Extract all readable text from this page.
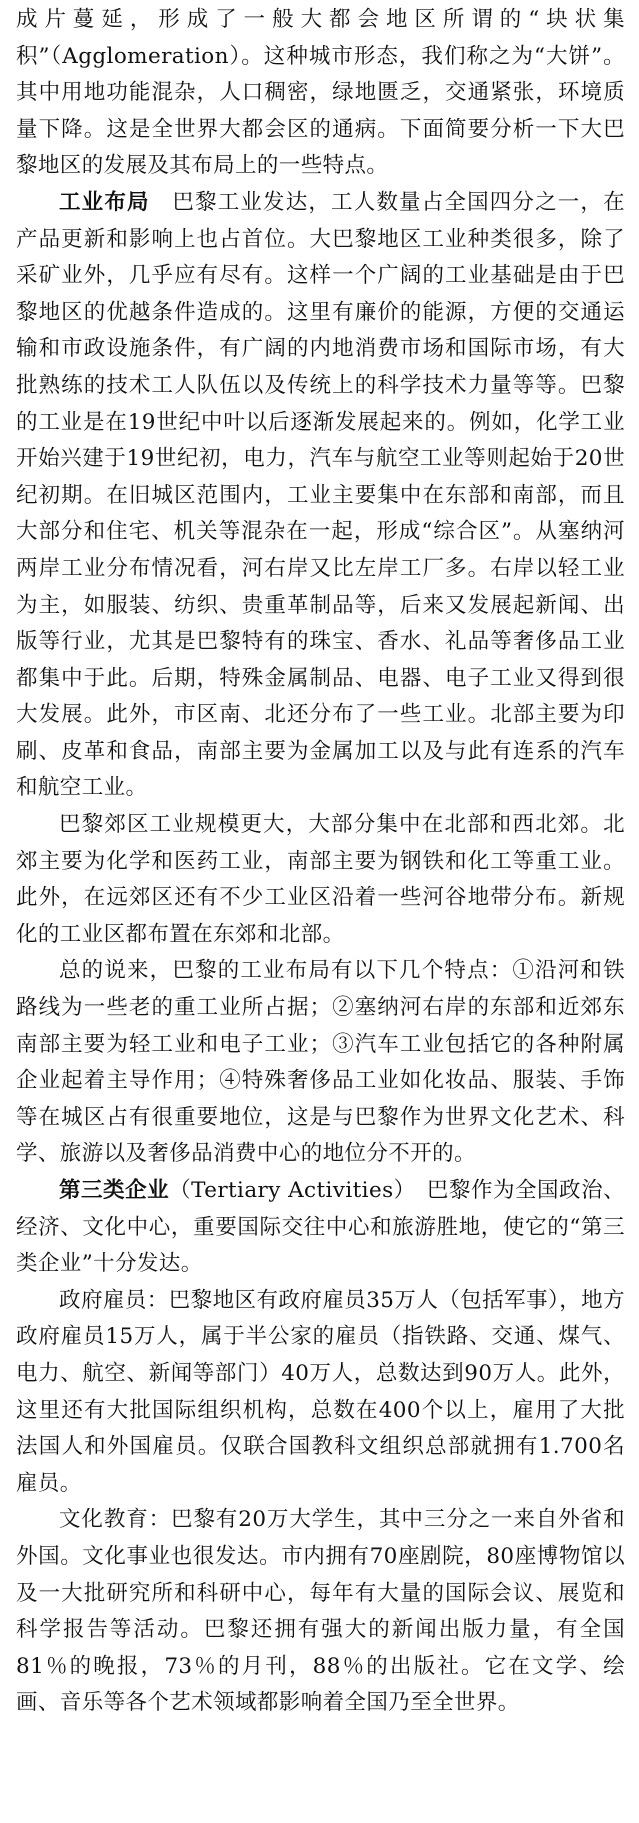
成片蔓延，形成了一般大都会地区所谓的“块状集积”（Agglomeration）。这种城市形态，我们称之为“大饼”。其中用地功能混杂，人口稠密，绿地匮乏，交通紧张，环境质量下降。这是全世界大都会区的通病。下面简要分析一下大巴黎地区的发展及其布局上的一些特点。

工业布局　 巴黎工业发达，工人数量占全国四分之一，在产品更新和影响上也占首位。大巴黎地区工业种类很多，除了采矿业外，几乎应有尽有。这样一个广阔的工业基础是由于巴黎地区的优越条件造成的。这里有廉价的能源，方便的交通运输和市政设施条件，有广阔的内地消费市场和国际市场，有大批熟练的技术工人队伍以及传统上的科学技术力量等等。巴黎的工业是在19世纪中叶以后逐渐发展起来的。例如，化学工业开始兴建于19世纪初，电力，汽车与航空工业等则起始于20世纪初期。在旧城区范围内，工业主要集中在东部和南部，而且大部分和住宅、机关等混杂在一起，形成“综合区”。从塞纳河两岸工业分布情况看，河右岸又比左岸工厂多。右岸以轻工业为主，如服装、纺织、贵重革制品等，后来又发展起新闻、出版等行业，尤其是巴黎特有的珠宝、香水、礼品等奢侈品工业都集中于此。后期，特殊金属制品、电器、电子工业又得到很大发展。此外，市区南、北还分布了一些工业。北部主要为印刷、皮革和食品，南部主要为金属加工以及与此有连系的汽车和航空工业。

巴黎郊区工业规模更大，大部分集中在北部和西北郊。北郊主要为化学和医药工业，南部主要为钢铁和化工等重工业。此外，在远郊区还有不少工业区沿着一些河谷地带分布。新规化的工业区都布置在东郊和北部。

总的说来，巴黎的工业布局有以下几个特点：①沿河和铁路线为一些老的重工业所占据；②塞纳河右岸的东部和近郊东南部主要为轻工业和电子工业；③汽车工业包括它的各种附属企业起着主导作用；④特殊奢侈品工业如化妆品、服装、手饰等在城区占有很重要地位，这是与巴黎作为世界文化艺术、科学、旅游以及奢侈品消费中心的地位分不开的。

第三类企业（Tertiary Activities）　巴黎作为全国政治、经济、文化中心，重要国际交往中心和旅游胜地，使它的“第三类企业”十分发达。

政府雇员：巴黎地区有政府雇员35万人（包括军事），地方政府雇员15万人，属于半公家的雇员（指铁路、交通、煤气、电力、航空、新闻等部门）40万人，总数达到90万人。此外，这里还有大批国际组织机构，总数在400个以上，雇用了大批法国人和外国雇员。仅联合国教科文组织总部就拥有1.700名雇员。

文化教育：巴黎有20万大学生，其中三分之一来自外省和外国。文化事业也很发达。市内拥有70座剧院，80座博物馆以及一大批研究所和科研中心，每年有大量的国际会议、展览和科学报告等活动。巴黎还拥有强大的新闻出版力量，有全国81％的晚报，73％的月刊，88％的出版社。它在文学、绘画、音乐等各个艺术领域都影响着全国乃至全世界。
